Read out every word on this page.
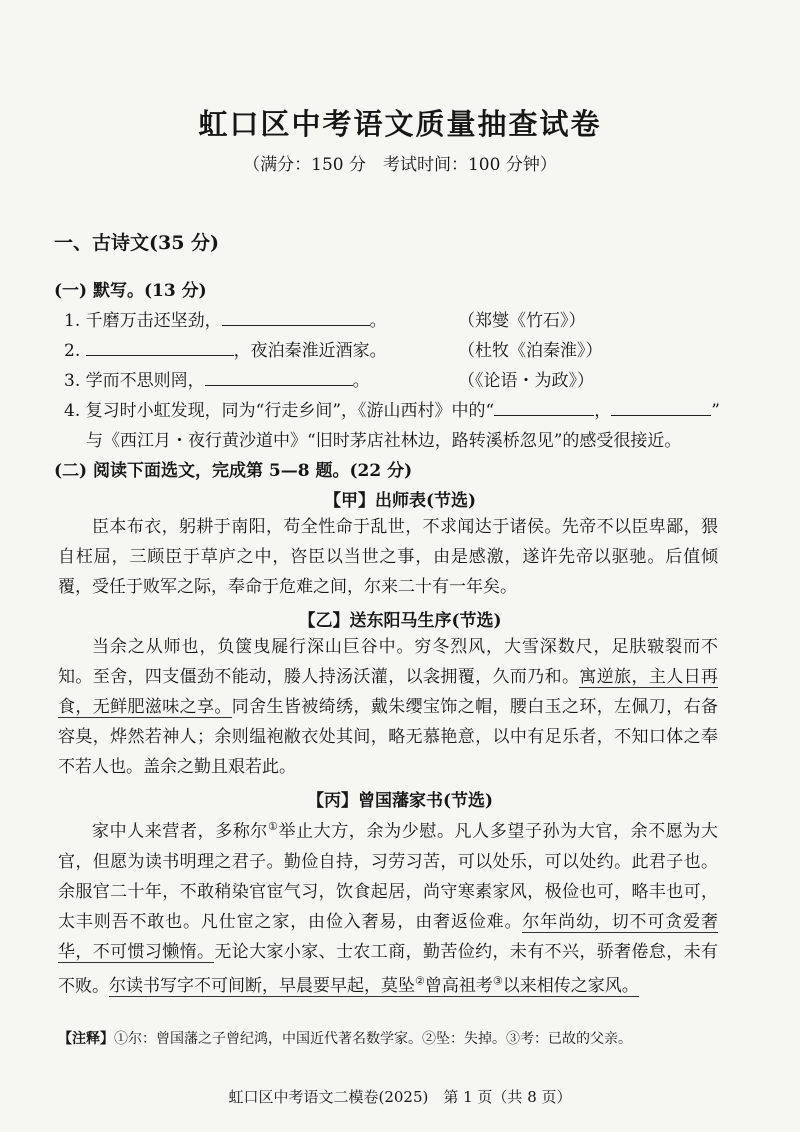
虹口区中考语文质量抽查试卷
（满分：150 分　考试时间：100 分钟）
一、古诗文(35 分)
(一) 默写。(13 分)
1. 千磨万击还坚劲，	。	（郑燮《竹石》）
2.	，夜泊秦淮近酒家。	（杜牧《泊秦淮》）
3. 学而不思则罔，	。	（《论语・为政》）
4. 复习时小虹发现，同为“行走乡间”，《游山西村》中的“	，	”
与《西江月・夜行黄沙道中》“旧时茅店社林边，路转溪桥忽见”的感受很接近。
(二) 阅读下面选文，完成第 5—8 题。(22 分)
【甲】出师表(节选)

臣本布衣，躬耕于南阳，苟全性命于乱世，不求闻达于诸侯。先帝不以臣卑鄙，猥自枉屈，三顾臣于草庐之中，咨臣以当世之事，由是感激，遂许先帝以驱驰。后值倾覆，受任于败军之际，奉命于危难之间，尔来二十有一年矣。

【乙】送东阳马生序(节选)

当余之从师也，负箧曳屣行深山巨谷中。穷冬烈风，大雪深数尺，足肤皲裂而不知。至舍，四支僵劲不能动，媵人持汤沃灌，以衾拥覆，久而乃和。寓逆旅，主人日再食，无鲜肥滋味之享。同舍生皆被绮绣，戴朱缨宝饰之帽，腰白玉之环，左佩刀，右备容臭，烨然若神人；余则缊袍敝衣处其间，略无慕艳意，以中有足乐者，不知口体之奉不若人也。盖余之勤且艰若此。

【丙】曾国藩家书(节选)

家中人来营者，多称尔①举止大方，余为少慰。凡人多望子孙为大官，余不愿为大官，但愿为读书明理之君子。勤俭自持，习劳习苦，可以处乐，可以处约。此君子也。余服官二十年，不敢稍染官宦气习，饮食起居，尚守寒素家风，极俭也可，略丰也可，太丰则吾不敢也。凡仕宦之家，由俭入奢易，由奢返俭难。尔年尚幼，切不可贪爱奢华，不可惯习懒惰。无论大家小家、士农工商，勤苦俭约，未有不兴，骄奢倦怠，未有不败。尔读书写字不可间断，早晨要早起，莫坠②曾高祖考③以来相传之家风。

【注释】①尔：曾国藩之子曾纪鸿，中国近代著名数学家。②坠：失掉。③考：已故的父亲。
虹口区中考语文二模卷(2025)　第 1 页（共 8 页）
